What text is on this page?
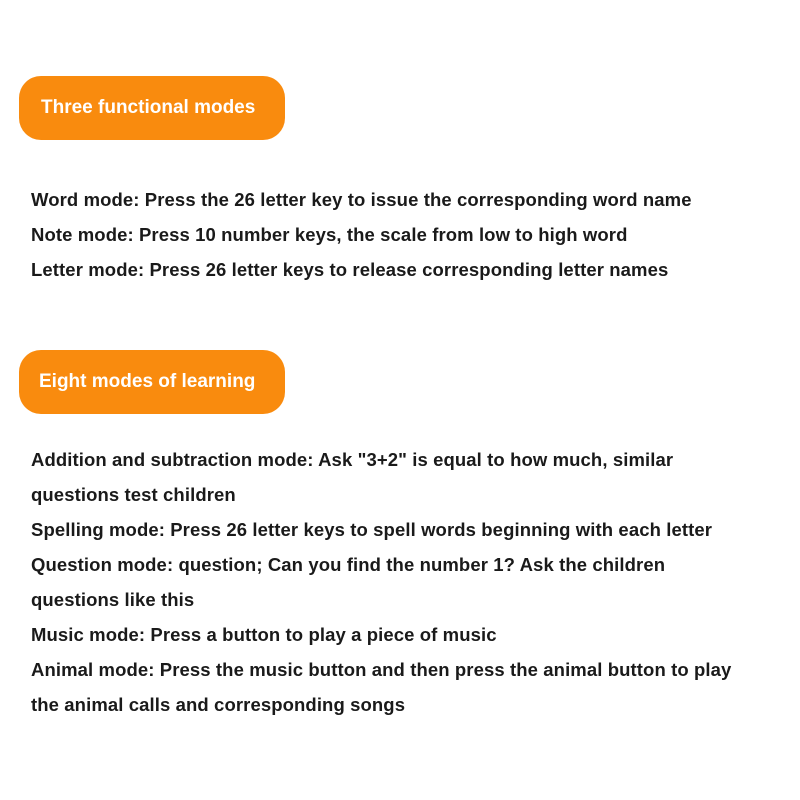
Three functional modes
Word mode: Press the 26 letter key to issue the corresponding word name
Note mode: Press 10 number keys, the scale from low to high word
Letter mode: Press 26 letter keys to release corresponding letter names
Eight modes of learning
Addition and subtraction mode: Ask "3+2" is equal to how much, similar
questions test children
Spelling mode: Press 26 letter keys to spell words beginning with each letter
Question mode: question; Can you find the number 1? Ask the children
questions like this
Music mode: Press a button to play a piece of music
Animal mode: Press the music button and then press the animal button to play
the animal calls and corresponding songs
